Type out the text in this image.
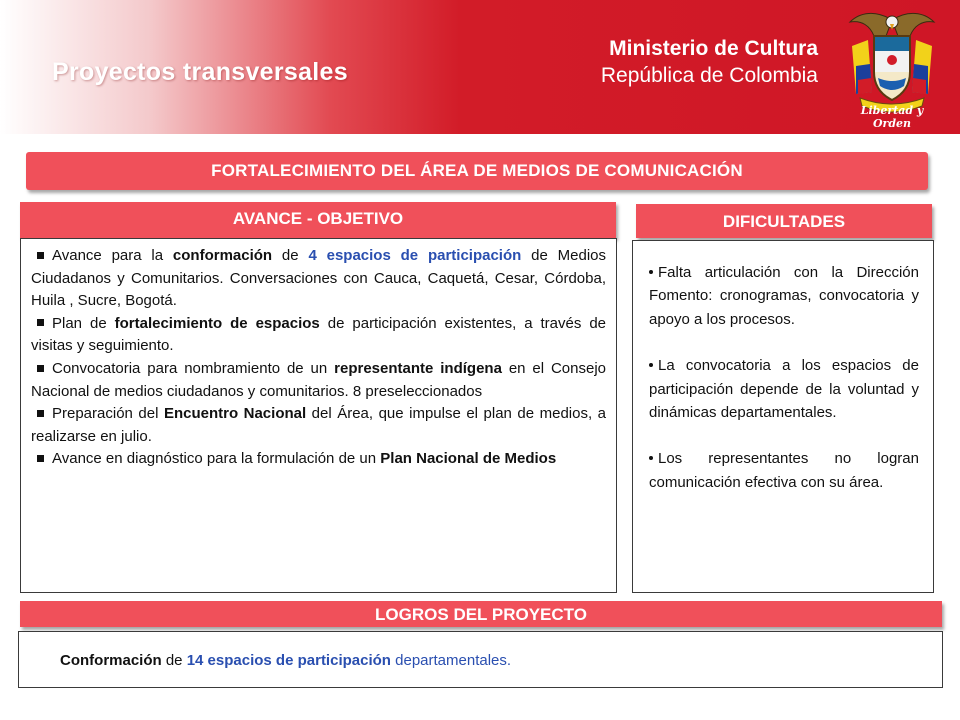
Proyectos transversales
Ministerio de Cultura
República de Colombia
Libertad y Orden
FORTALECIMIENTO DEL ÁREA DE MEDIOS DE COMUNICACIÓN
AVANCE - OBJETIVO
Avance para la conformación de 4 espacios de participación de Medios Ciudadanos y Comunitarios. Conversaciones con Cauca, Caquetá, Cesar, Córdoba, Huila , Sucre, Bogotá.
Plan de fortalecimiento de espacios de participación existentes, a través de visitas y seguimiento.
Convocatoria para nombramiento de un representante indígena en el Consejo Nacional de medios ciudadanos y comunitarios. 8 preseleccionados
Preparación del Encuentro Nacional del Área, que impulse el plan de medios, a realizarse en julio.
Avance en diagnóstico para la formulación de un Plan Nacional de Medios
DIFICULTADES
Falta articulación con la Dirección Fomento: cronogramas, convocatoria y apoyo a los procesos.
La convocatoria a los espacios de participación depende de la voluntad y dinámicas departamentales.
Los representantes no logran comunicación efectiva con su área.
LOGROS DEL PROYECTO
Conformación de 14 espacios de participación departamentales.
